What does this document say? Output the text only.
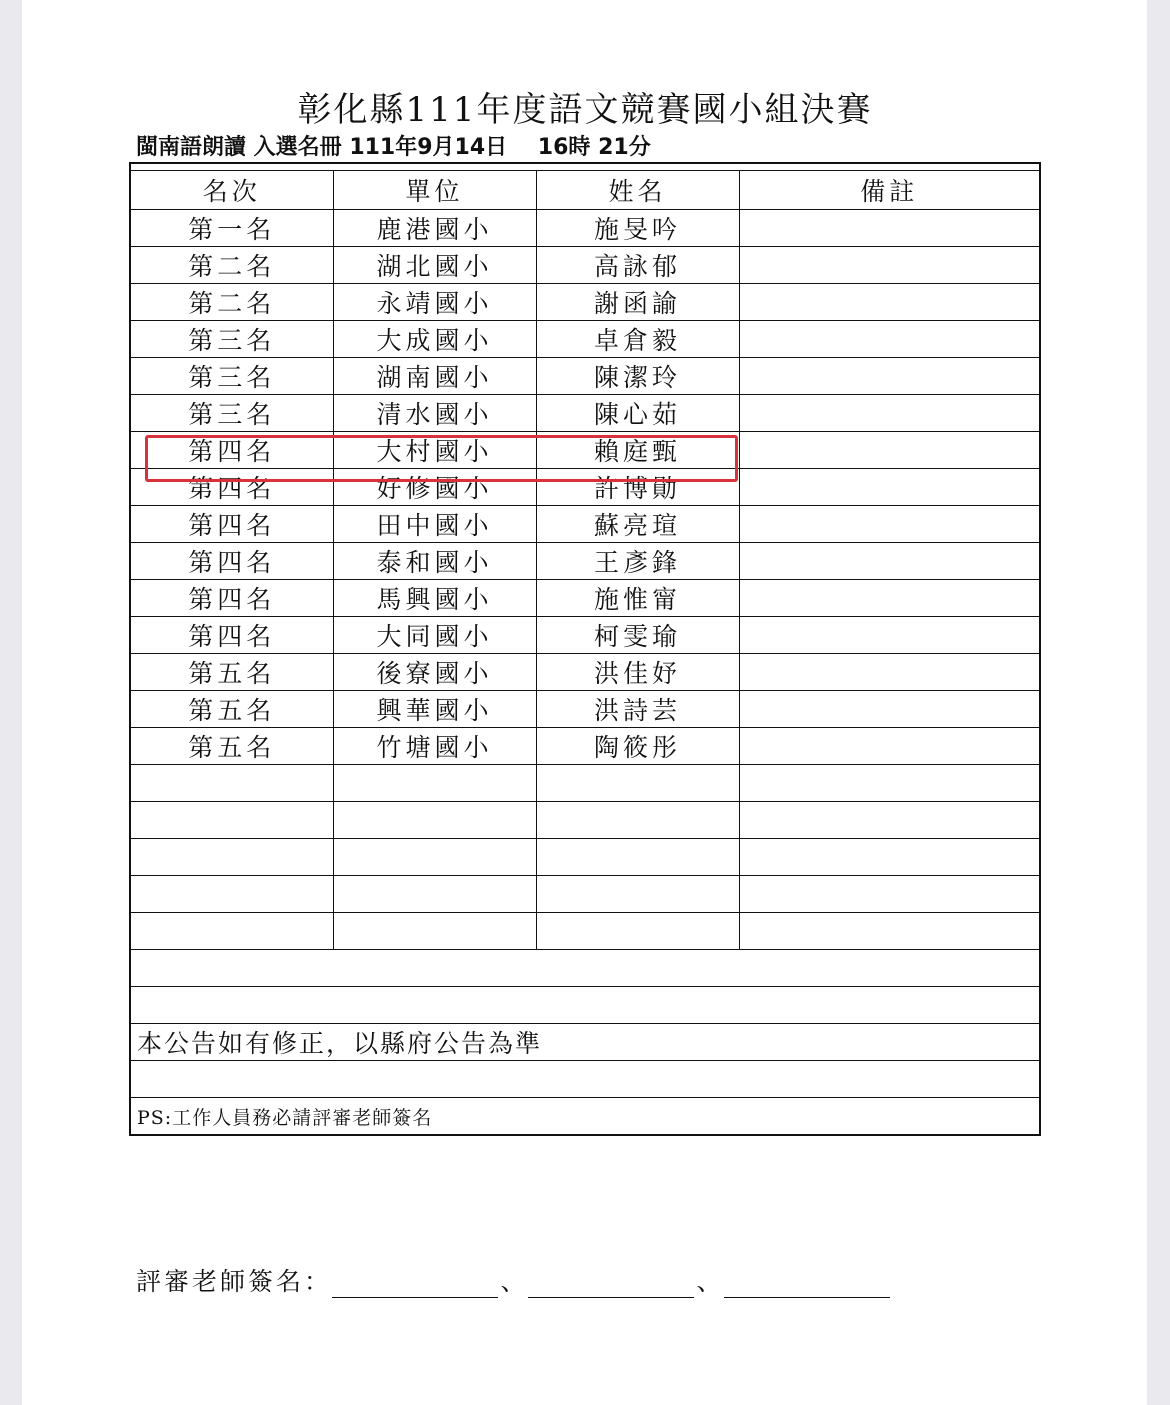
彰化縣111年度語文競賽國小組決賽
閩南語朗讀 入選名冊 111年9月14日    16時 21分

名次	單位	姓名	備註
第一名	鹿港國小	施旻吟	
第二名	湖北國小	高詠郁	
第二名	永靖國小	謝函諭	
第三名	大成國小	卓倉毅	
第三名	湖南國小	陳潔玲	
第三名	清水國小	陳心茹	
第四名	大村國小	賴庭甄	
第四名	好修國小	許博勛	
第四名	田中國小	蘇亮瑄	
第四名	泰和國小	王彥鋒	
第四名	馬興國小	施惟甯	
第四名	大同國小	柯雯瑜	
第五名	後寮國小	洪佳妤	
第五名	興華國小	洪詩芸	
第五名	竹塘國小	陶筱彤	

本公告如有修正，以縣府公告為準			

PS:工作人員務必請評審老師簽名			
評審老師簽名：	、	、
